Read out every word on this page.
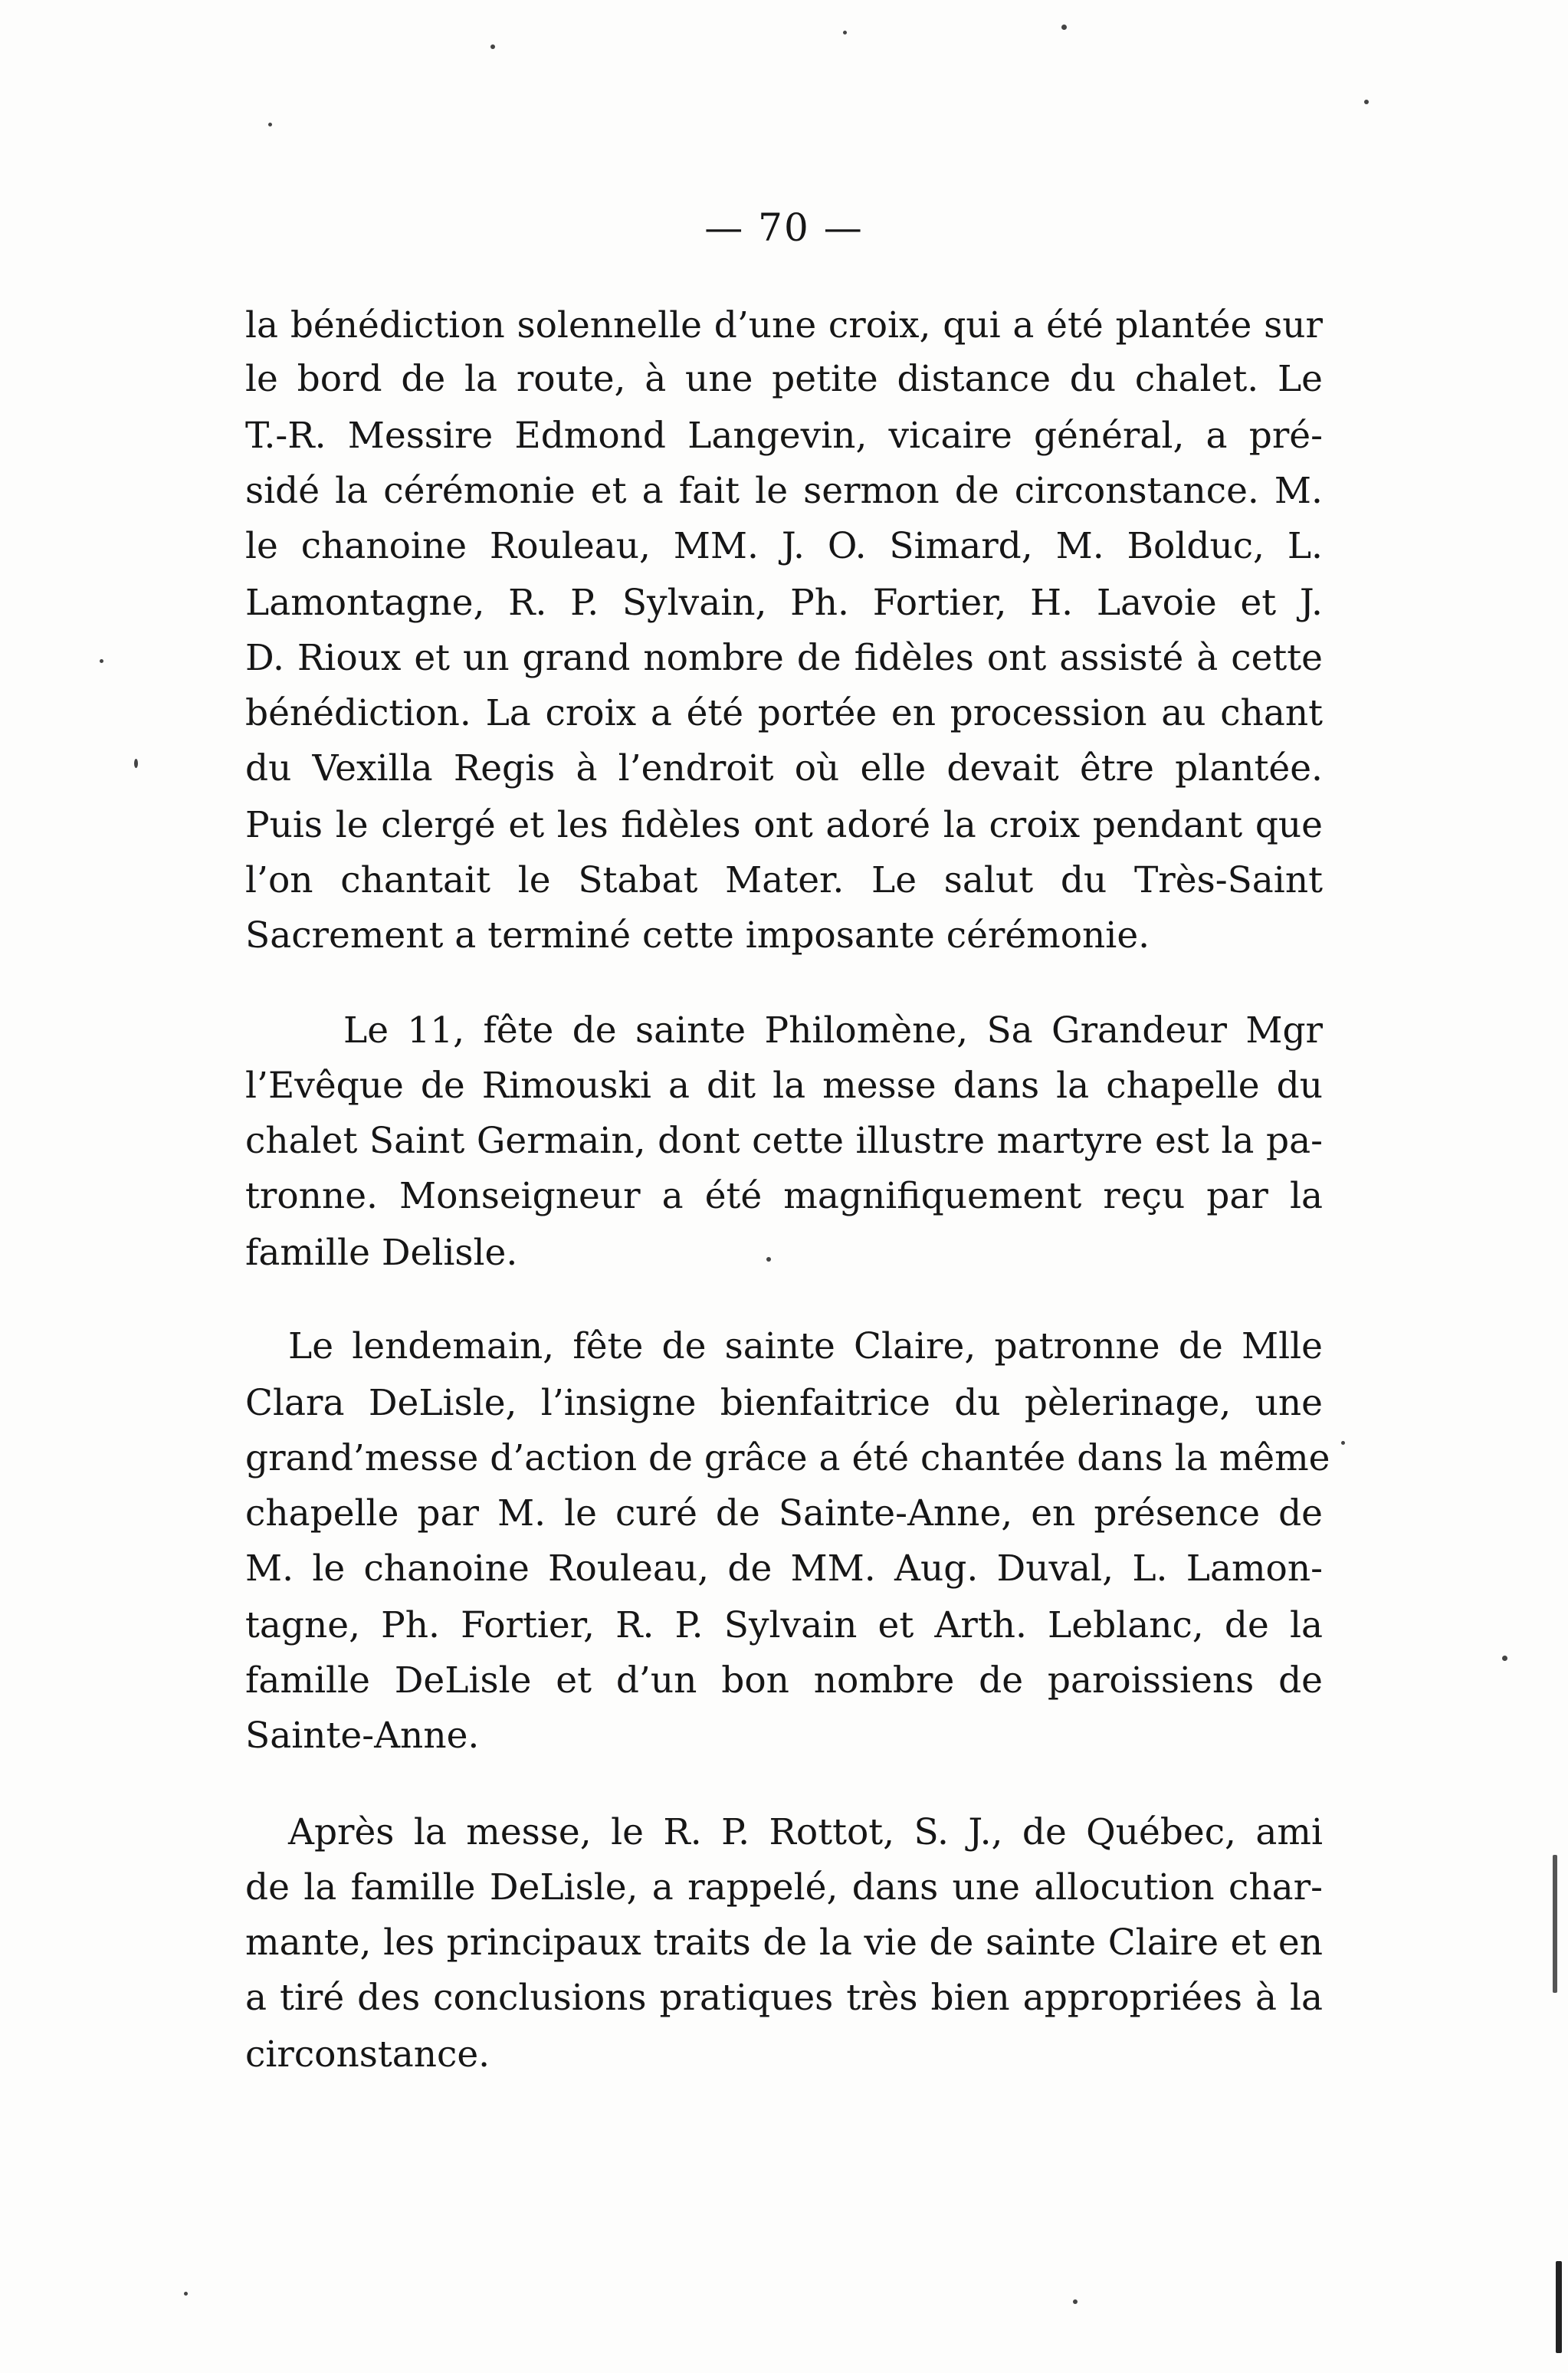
— 70 —
la bénédiction solennelle d’une croix, qui a été plantée sur
le bord de la route, à une petite distance du chalet. Le
T.-R. Messire Edmond Langevin, vicaire général, a pré-
sidé la cérémonie et a fait le sermon de circonstance. M.
le chanoine Rouleau, MM. J. O. Simard, M. Bolduc, L.
Lamontagne, R. P. Sylvain, Ph. Fortier, H. Lavoie et J.
D. Rioux et un grand nombre de fidèles ont assisté à cette
bénédiction. La croix a été portée en procession au chant
du Vexilla Regis à l’endroit où elle devait être plantée.
Puis le clergé et les fidèles ont adoré la croix pendant que
l’on chantait le Stabat Mater. Le salut du Très-Saint
Sacrement a terminé cette imposante cérémonie.
Le 11, fête de sainte Philomène, Sa Grandeur Mgr
l’Evêque de Rimouski a dit la messe dans la chapelle du
chalet Saint Germain, dont cette illustre martyre est la pa-
tronne. Monseigneur a été magnifiquement reçu par la
famille Delisle.
Le lendemain, fête de sainte Claire, patronne de Mlle
Clara DeLisle, l’insigne bienfaitrice du pèlerinage, une
grand’messe d’action de grâce a été chantée dans la même
chapelle par M. le curé de Sainte-Anne, en présence de
M. le chanoine Rouleau, de MM. Aug. Duval, L. Lamon-
tagne, Ph. Fortier, R. P. Sylvain et Arth. Leblanc, de la
famille DeLisle et d’un bon nombre de paroissiens de
Sainte-Anne.
Après la messe, le R. P. Rottot, S. J., de Québec, ami
de la famille DeLisle, a rappelé, dans une allocution char-
mante, les principaux traits de la vie de sainte Claire et en
a tiré des conclusions pratiques très bien appropriées à la
circonstance.
